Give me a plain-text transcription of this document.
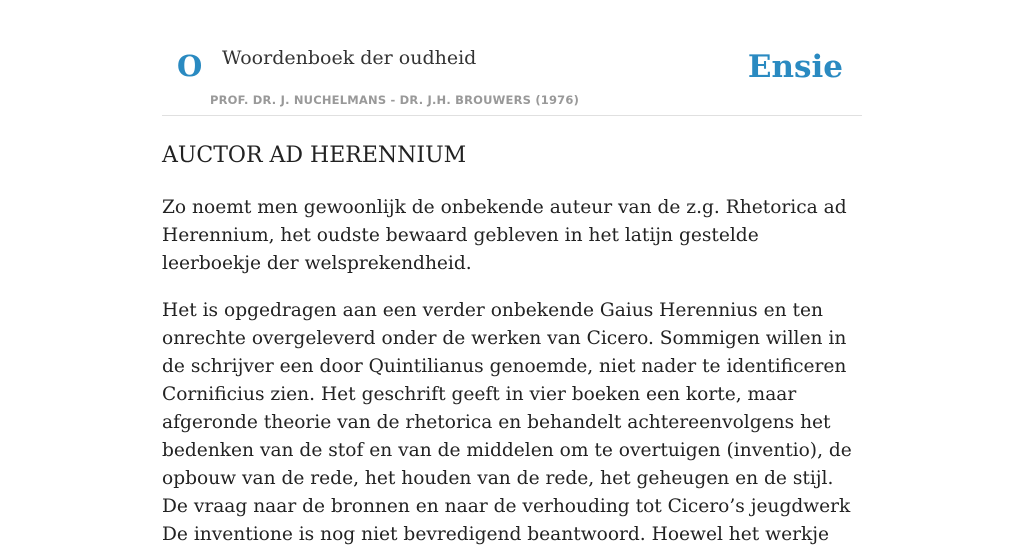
O Woordenboek der oudheid
PROF. DR. J. NUCHELMANS - DR. J.H. BROUWERS (1976)
Ensie
AUCTOR AD HERENNIUM

Zo noemt men gewoonlijk de onbekende auteur van de z.g. Rhetorica ad Herennium, het oudste bewaard gebleven in het latijn gestelde leerboekje der welsprekendheid.

Het is opgedragen aan een verder onbekende Gaius Herennius en ten onrechte overgeleverd onder de werken van Cicero. Sommigen willen in de schrijver een door Quintilianus genoemde, niet nader te identificeren Cornificius zien. Het geschrift geeft in vier boeken een korte, maar afgeronde theorie van de rhetorica en behandelt achtereenvolgens het bedenken van de stof en van de middelen om te overtuigen (inventio), de opbouw van de rede, het houden van de rede, het geheugen en de stijl. De vraag naar de bronnen en naar de verhouding tot Cicero’s jeugdwerk De inventione is nog niet bevredigend beantwoord. Hoewel het werkje
